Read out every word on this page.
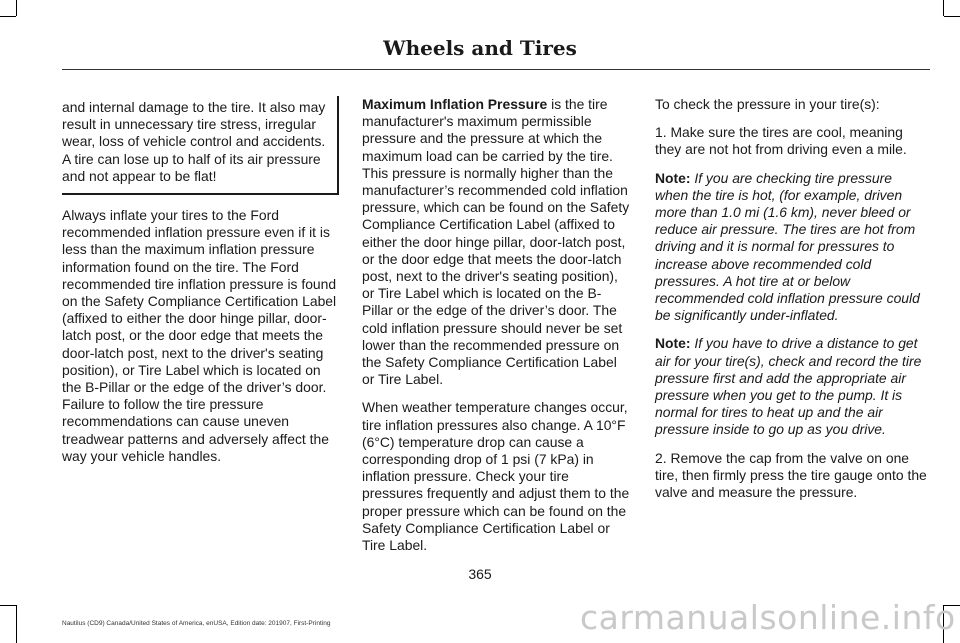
Wheels and Tires

and internal damage to the tire. It also may result in unnecessary tire stress, irregular wear, loss of vehicle control and accidents. A tire can lose up to half of its air pressure and not appear to be flat!

Always inflate your tires to the Ford recommended inflation pressure even if it is less than the maximum inflation pressure information found on the tire. The Ford recommended tire inflation pressure is found on the Safety Compliance Certification Label (affixed to either the door hinge pillar, door-latch post, or the door edge that meets the door-latch post, next to the driver's seating position), or Tire Label which is located on the B-Pillar or the edge of the driver’s door. Failure to follow the tire pressure recommendations can cause uneven treadwear patterns and adversely affect the way your vehicle handles.

Maximum Inflation Pressure is the tire manufacturer's maximum permissible pressure and the pressure at which the maximum load can be carried by the tire. This pressure is normally higher than the manufacturer’s recommended cold inflation pressure, which can be found on the Safety Compliance Certification Label (affixed to either the door hinge pillar, door-latch post, or the door edge that meets the door-latch post, next to the driver's seating position), or Tire Label which is located on the B-Pillar or the edge of the driver’s door. The cold inflation pressure should never be set lower than the recommended pressure on the Safety Compliance Certification Label or Tire Label.

When weather temperature changes occur, tire inflation pressures also change. A 10°F (6°C) temperature drop can cause a corresponding drop of 1 psi (7 kPa) in inflation pressure. Check your tire pressures frequently and adjust them to the proper pressure which can be found on the Safety Compliance Certification Label or Tire Label.

To check the pressure in your tire(s):

1. Make sure the tires are cool, meaning they are not hot from driving even a mile.

Note: If you are checking tire pressure when the tire is hot, (for example, driven more than 1.0 mi (1.6 km), never bleed or reduce air pressure. The tires are hot from driving and it is normal for pressures to increase above recommended cold pressures. A hot tire at or below recommended cold inflation pressure could be significantly under-inflated.

Note: If you have to drive a distance to get air for your tire(s), check and record the tire pressure first and add the appropriate air pressure when you get to the pump. It is normal for tires to heat up and the air pressure inside to go up as you drive.

2. Remove the cap from the valve on one tire, then firmly press the tire gauge onto the valve and measure the pressure.

365
Nautilus (CD9) Canada/United States of America, enUSA, Edition date: 201907, First-Printing	carmanualsonline.info
